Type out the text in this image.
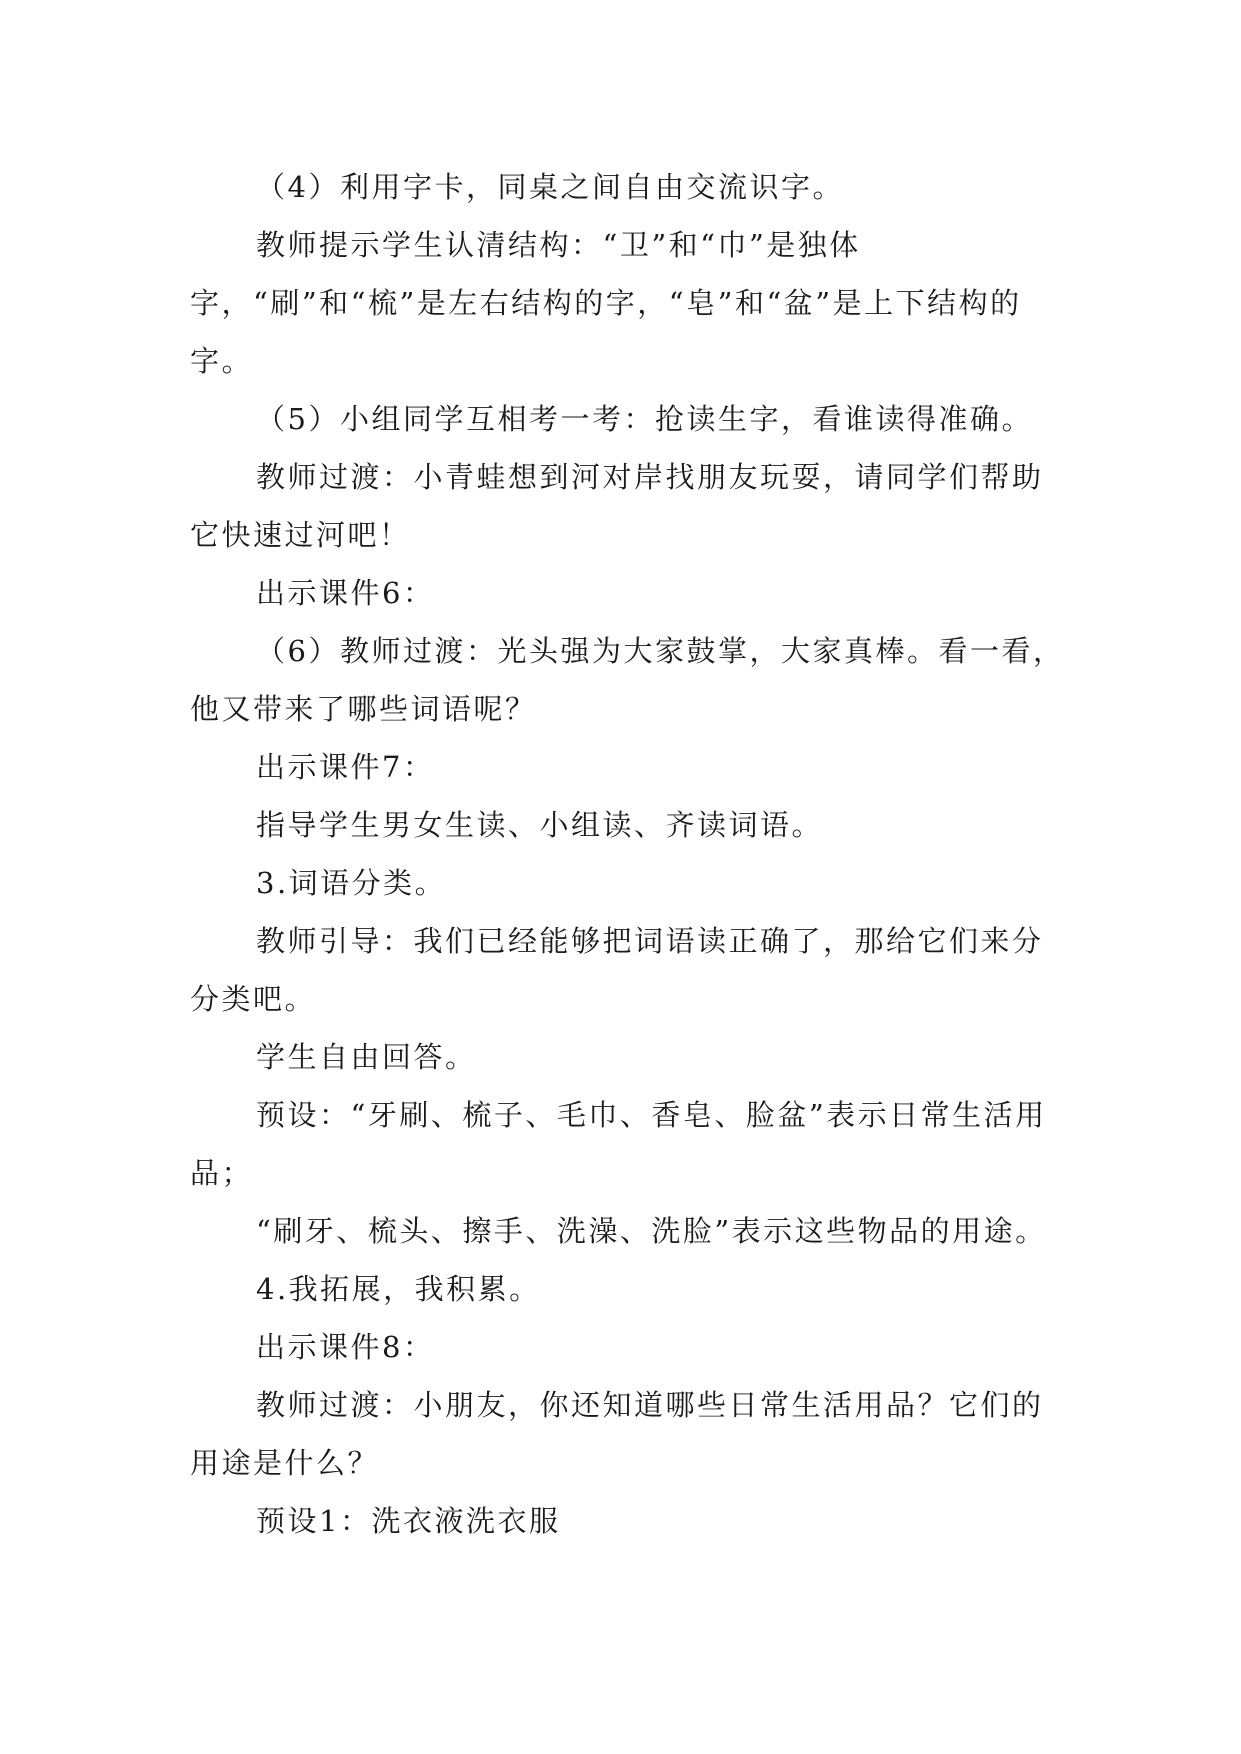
（4）利用字卡，同桌之间自由交流识字。

教师提示学生认清结构：“卫”和“巾”是独体字，“刷”和“梳”是左右结构的字，“皂”和“盆”是上下结构的字。

（5）小组同学互相考一考：抢读生字，看谁读得准确。

教师过渡：小青蛙想到河对岸找朋友玩耍，请同学们帮助它快速过河吧！

出示课件6：

（6）教师过渡：光头强为大家鼓掌，大家真棒。看一看，他又带来了哪些词语呢？

出示课件7：

指导学生男女生读、小组读、齐读词语。

3.词语分类。

教师引导：我们已经能够把词语读正确了，那给它们来分分类吧。

学生自由回答。

预设：“牙刷、梳子、毛巾、香皂、脸盆”表示日常生活用品；

“刷牙、梳头、擦手、洗澡、洗脸”表示这些物品的用途。

4.我拓展，我积累。

出示课件8：

教师过渡：小朋友，你还知道哪些日常生活用品？它们的用途是什么？

预设1：洗衣液洗衣服
